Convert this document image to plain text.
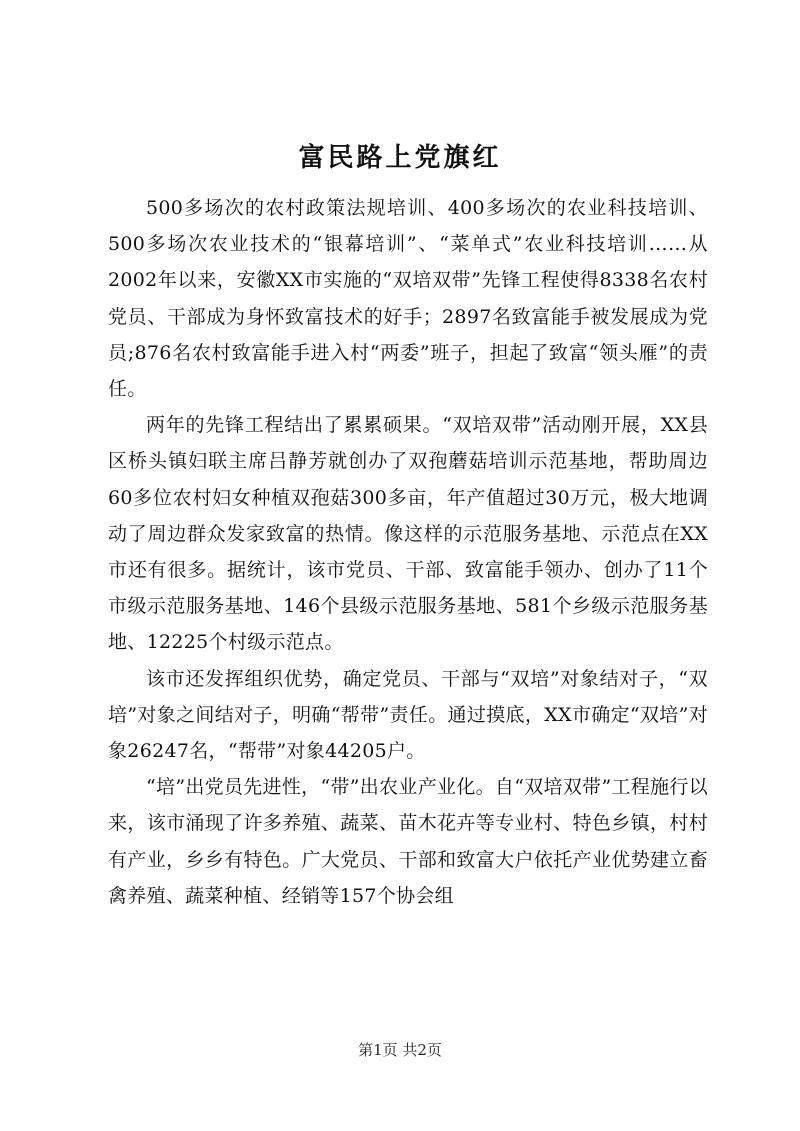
富民路上党旗红

500多场次的农村政策法规培训、400多场次的农业科技培训、500多场次农业技术的“银幕培训”、“菜单式”农业科技培训……从2002年以来，安徽XX市实施的“双培双带”先锋工程使得8338名农村党员、干部成为身怀致富技术的好手；2897名致富能手被发展成为党员;876名农村致富能手进入村“两委”班子，担起了致富“领头雁”的责任。

两年的先锋工程结出了累累硕果。“双培双带”活动刚开展，XX县区桥头镇妇联主席吕静芳就创办了双孢蘑菇培训示范基地，帮助周边60多位农村妇女种植双孢菇300多亩，年产值超过30万元，极大地调动了周边群众发家致富的热情。像这样的示范服务基地、示范点在XX市还有很多。据统计，该市党员、干部、致富能手领办、创办了11个市级示范服务基地、146个县级示范服务基地、581个乡级示范服务基地、12225个村级示范点。

该市还发挥组织优势，确定党员、干部与“双培”对象结对子，“双培”对象之间结对子，明确“帮带”责任。通过摸底，XX市确定“双培”对象26247名，“帮带”对象44205户。

“培”出党员先进性，“带”出农业产业化。自“双培双带”工程施行以来，该市涌现了许多养殖、蔬菜、苗木花卉等专业村、特色乡镇，村村有产业，乡乡有特色。广大党员、干部和致富大户依托产业优势建立畜禽养殖、蔬菜种植、经销等157个协会组

第1页 共2页
